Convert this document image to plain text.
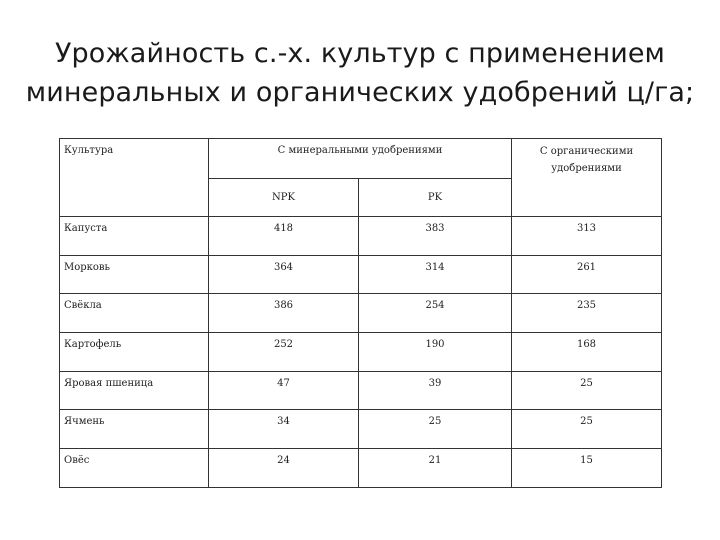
Урожайность с.-х. культур с применением
минеральных и органических удобрений ц/га;
Культура	С минеральными удобрениями		С органическими удобрениями
	NPK	PK	
Капуста	418	383	313
Морковь	364	314	261
Свёкла	386	254	235
Картофель	252	190	168
Яровая пшеница	47	39	25
Ячмень	34	25	25
Овёс	24	21	15
